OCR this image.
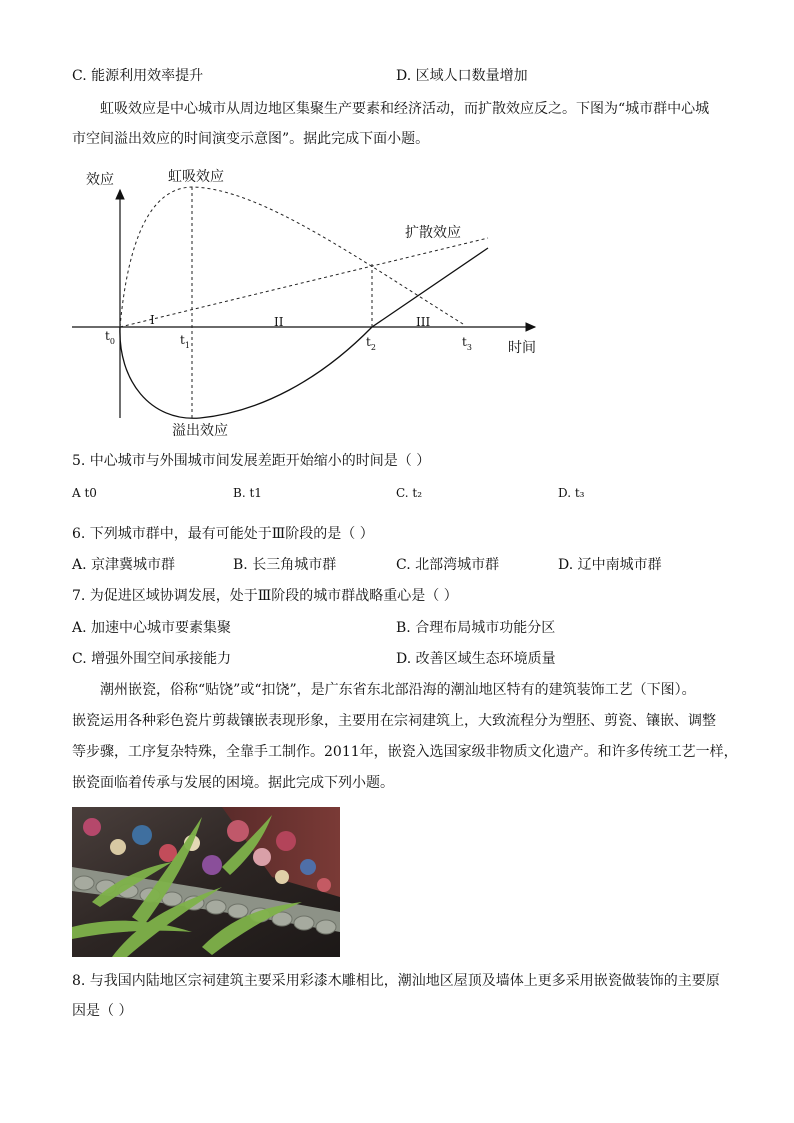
C. 能源利用效率提升	D. 区域人口数量增加
虹吸效应是中心城市从周边地区集聚生产要素和经济活动，而扩散效应反之。下图为“城市群中心城
市空间溢出效应的时间演变示意图”。据此完成下面小题。
效应
时间
虹吸效应
扩散效应
溢出效应
I	II	III
$t_0$	$t_1$	$t_2$	$t_3$
5. 中心城市与外围城市间发展差距开始缩小的时间是（ ）
A t0	B. t1	C. t₂	D. t₃
6. 下列城市群中，最有可能处于Ⅲ阶段的是（ ）
A. 京津冀城市群	B. 长三角城市群	C. 北部湾城市群	D. 辽中南城市群
7. 为促进区域协调发展，处于Ⅲ阶段的城市群战略重心是（ ）
A. 加速中心城市要素集聚	B. 合理布局城市功能分区
C. 增强外围空间承接能力	D. 改善区域生态环境质量
潮州嵌瓷，俗称“贴饶”或“扣饶”，是广东省东北部沿海的潮汕地区特有的建筑装饰工艺（下图）。
嵌瓷运用各种彩色瓷片剪裁镶嵌表现形象，主要用在宗祠建筑上，大致流程分为塑胚、剪瓷、镶嵌、调整
等步骤，工序复杂特殊，全靠手工制作。2011年，嵌瓷入选国家级非物质文化遗产。和许多传统工艺一样，
嵌瓷面临着传承与发展的困境。据此完成下列小题。
8. 与我国内陆地区宗祠建筑主要采用彩漆木雕相比，潮汕地区屋顶及墙体上更多采用嵌瓷做装饰的主要原
因是（ ）
